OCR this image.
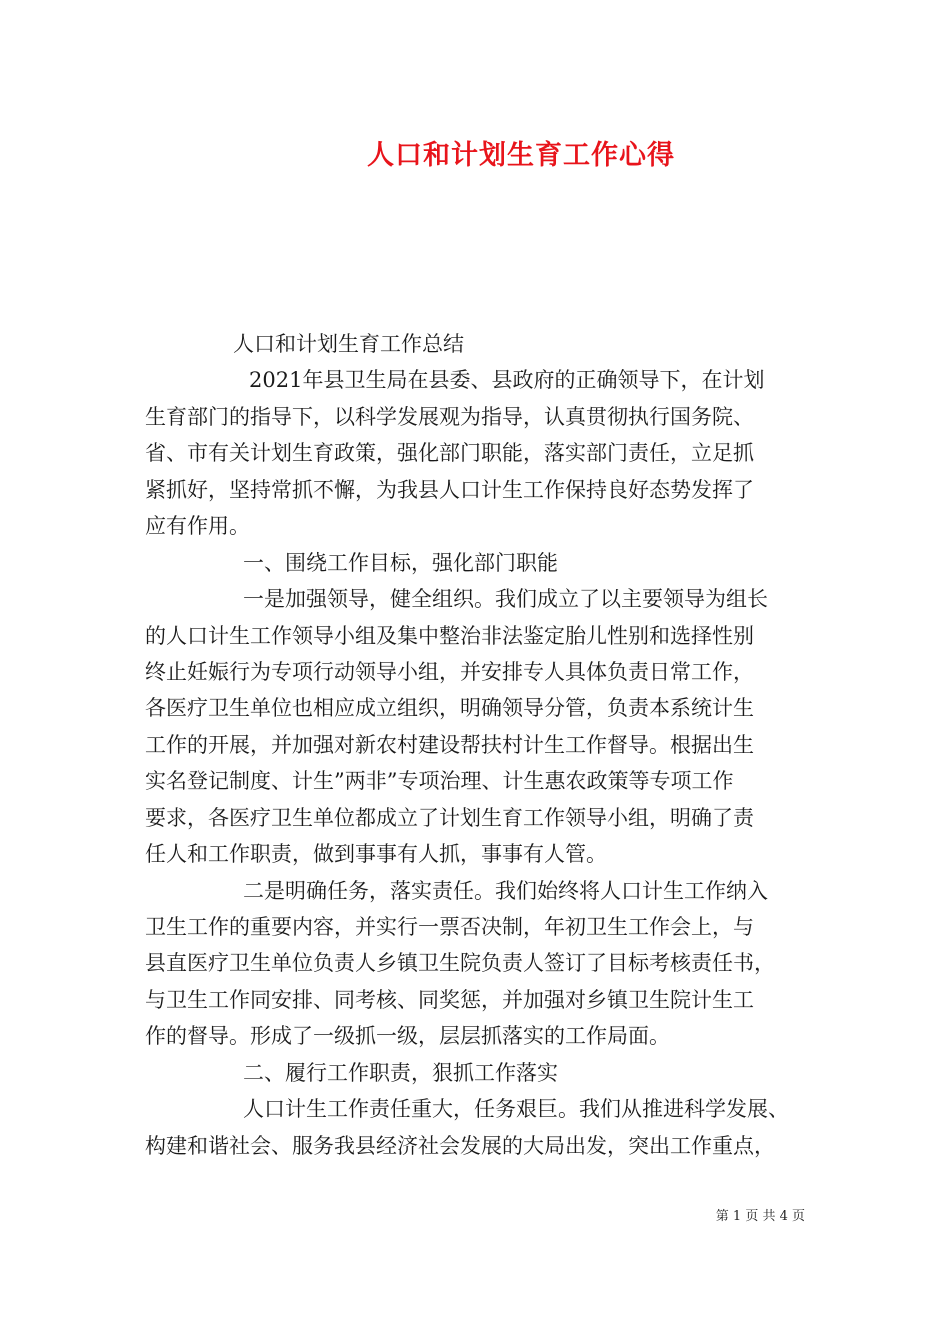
人口和计划生育工作心得
人口和计划生育工作总结
2021年县卫生局在县委、县政府的正确领导下，在计划
生育部门的指导下，以科学发展观为指导，认真贯彻执行国务院、
省、市有关计划生育政策，强化部门职能，落实部门责任，立足抓
紧抓好，坚持常抓不懈，为我县人口计生工作保持良好态势发挥了
应有作用。
一、围绕工作目标，强化部门职能
一是加强领导，健全组织。我们成立了以主要领导为组长
的人口计生工作领导小组及集中整治非法鉴定胎儿性别和选择性别
终止妊娠行为专项行动领导小组，并安排专人具体负责日常工作，
各医疗卫生单位也相应成立组织，明确领导分管，负责本系统计生
工作的开展，并加强对新农村建设帮扶村计生工作督导。根据出生
实名登记制度、计生”两非”专项治理、计生惠农政策等专项工作
要求，各医疗卫生单位都成立了计划生育工作领导小组，明确了责
任人和工作职责，做到事事有人抓，事事有人管。
二是明确任务，落实责任。我们始终将人口计生工作纳入
卫生工作的重要内容，并实行一票否决制，年初卫生工作会上，与
县直医疗卫生单位负责人乡镇卫生院负责人签订了目标考核责任书，
与卫生工作同安排、同考核、同奖惩，并加强对乡镇卫生院计生工
作的督导。形成了一级抓一级，层层抓落实的工作局面。
二、履行工作职责，狠抓工作落实
人口计生工作责任重大，任务艰巨。我们从推进科学发展、
构建和谐社会、服务我县经济社会发展的大局出发，突出工作重点，
第 1 页 共 4 页
